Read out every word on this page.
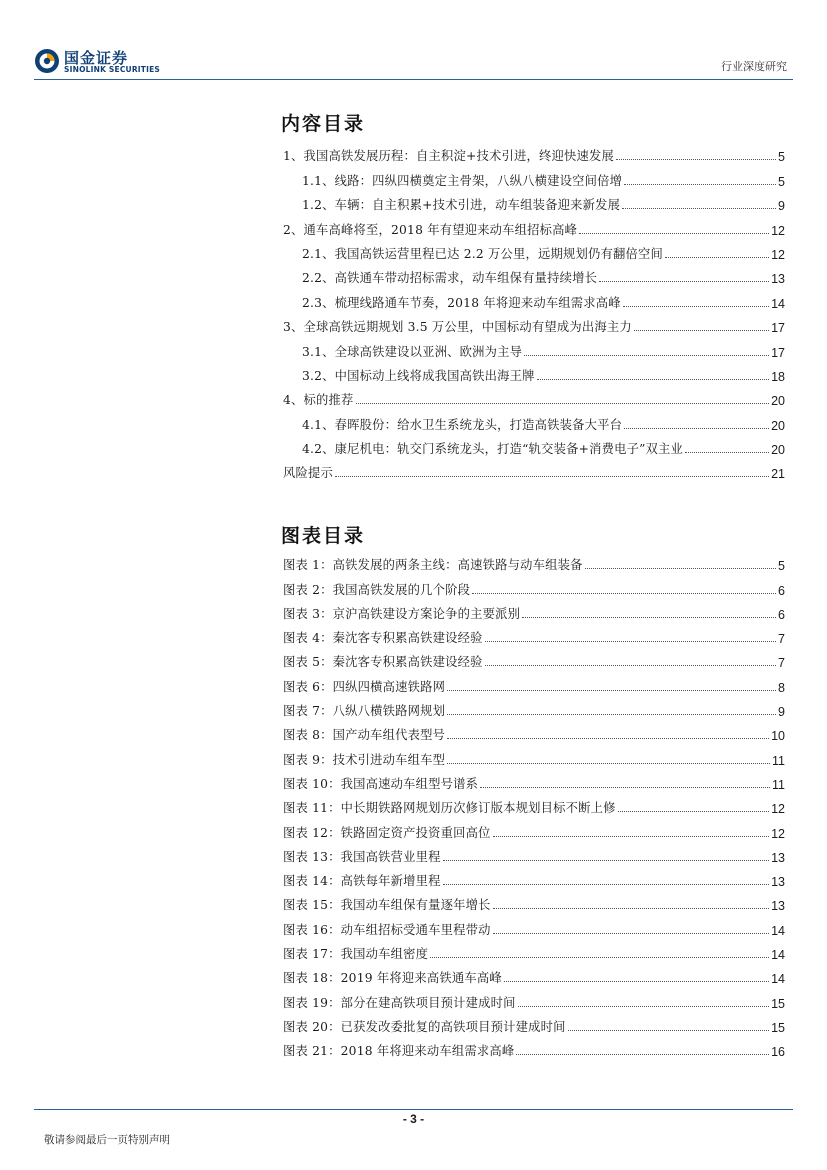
国金证券
SINOLINK SECURITIES	行业深度研究
内容目录
1、我国高铁发展历程：自主积淀+技术引进，终迎快速发展	5
1.1、线路：四纵四横奠定主骨架，八纵八横建设空间倍增	5
1.2、车辆：自主积累+技术引进，动车组装备迎来新发展	9
2、通车高峰将至，2018 年有望迎来动车组招标高峰	12
2.1、我国高铁运营里程已达 2.2 万公里，远期规划仍有翻倍空间	12
2.2、高铁通车带动招标需求，动车组保有量持续增长	13
2.3、梳理线路通车节奏，2018 年将迎来动车组需求高峰	14
3、全球高铁远期规划 3.5 万公里，中国标动有望成为出海主力	17
3.1、全球高铁建设以亚洲、欧洲为主导	17
3.2、中国标动上线将成我国高铁出海王牌	18
4、标的推荐	20
4.1、春晖股份：给水卫生系统龙头，打造高铁装备大平台	20
4.2、康尼机电：轨交门系统龙头，打造“轨交装备+消费电子”双主业	20
风险提示	21
图表目录
图表 1：高铁发展的两条主线：高速铁路与动车组装备	5
图表 2：我国高铁发展的几个阶段	6
图表 3：京沪高铁建设方案论争的主要派别	6
图表 4：秦沈客专积累高铁建设经验	7
图表 5：秦沈客专积累高铁建设经验	7
图表 6：四纵四横高速铁路网	8
图表 7：八纵八横铁路网规划	9
图表 8：国产动车组代表型号	10
图表 9：技术引进动车组车型	11
图表 10：我国高速动车组型号谱系	11
图表 11：中长期铁路网规划历次修订版本规划目标不断上修	12
图表 12：铁路固定资产投资重回高位	12
图表 13：我国高铁营业里程	13
图表 14：高铁每年新增里程	13
图表 15：我国动车组保有量逐年增长	13
图表 16：动车组招标受通车里程带动	14
图表 17：我国动车组密度	14
图表 18：2019 年将迎来高铁通车高峰	14
图表 19：部分在建高铁项目预计建成时间	15
图表 20：已获发改委批复的高铁项目预计建成时间	15
图表 21：2018 年将迎来动车组需求高峰	16
- 3 -
敬请参阅最后一页特别声明
